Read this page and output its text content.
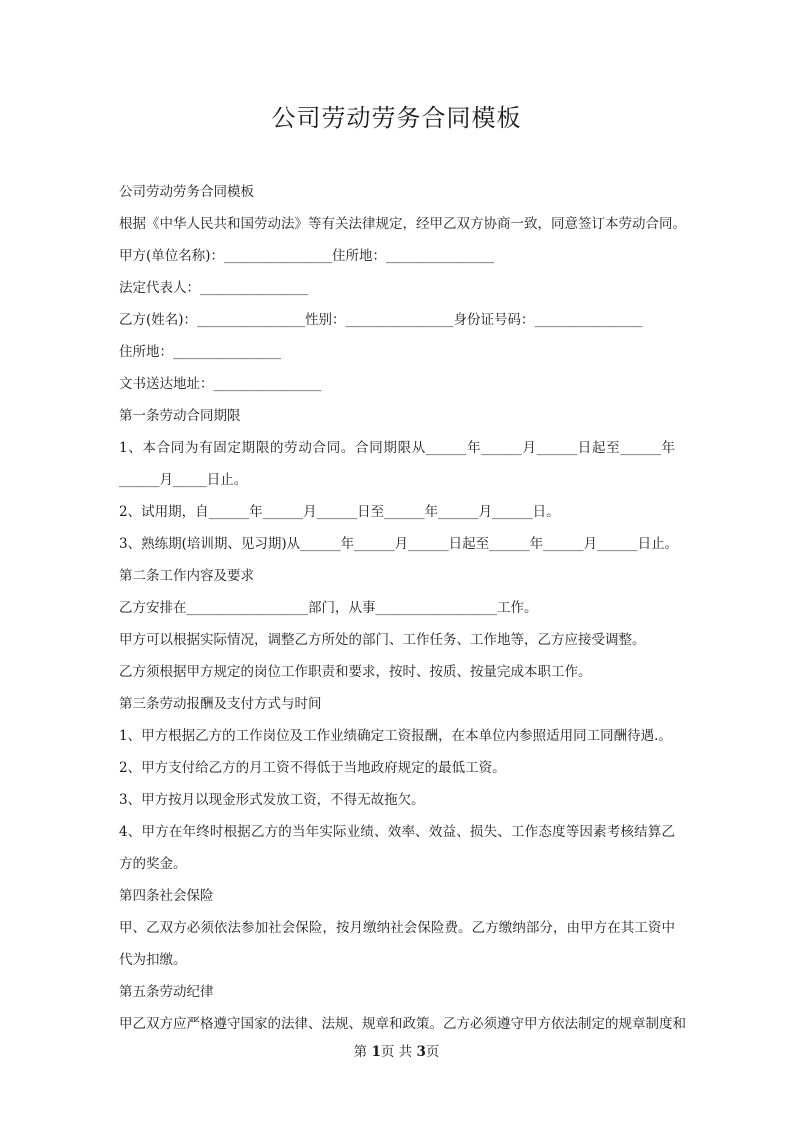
公司劳动劳务合同模板

公司劳动劳务合同模板

根据《中华人民共和国劳动法》等有关法律规定，经甲乙双方协商一致，同意签订本劳动合同。

甲方(单位名称)：________________住所地：________________

法定代表人：________________

乙方(姓名)：________________性别：________________身份证号码：________________

住所地：________________

文书送达地址：________________

第一条劳动合同期限

1、本合同为有固定期限的劳动合同。合同期限从______年______月______日起至______年______月_____日止。

2、试用期，自______年______月______日至______年______月______日。

3、熟练期(培训期、见习期)从______年______月______日起至______年______月______日止。

第二条工作内容及要求

乙方安排在__________________部门，从事__________________工作。

甲方可以根据实际情况，调整乙方所处的部门、工作任务、工作地等，乙方应接受调整。

乙方须根据甲方规定的岗位工作职责和要求，按时、按质、按量完成本职工作。

第三条劳动报酬及支付方式与时间

1、甲方根据乙方的工作岗位及工作业绩确定工资报酬，在本单位内参照适用同工同酬待遇.。

2、甲方支付给乙方的月工资不得低于当地政府规定的最低工资。

3、甲方按月以现金形式发放工资，不得无故拖欠。

4、甲方在年终时根据乙方的当年实际业绩、效率、效益、损失、工作态度等因素考核结算乙方的奖金。

第四条社会保险

甲、乙双方必须依法参加社会保险，按月缴纳社会保险费。乙方缴纳部分，由甲方在其工资中代为扣缴。

第五条劳动纪律

甲乙双方应严格遵守国家的法律、法规、规章和政策。乙方必须遵守甲方依法制定的规章制度和

第 1页 共 3页
